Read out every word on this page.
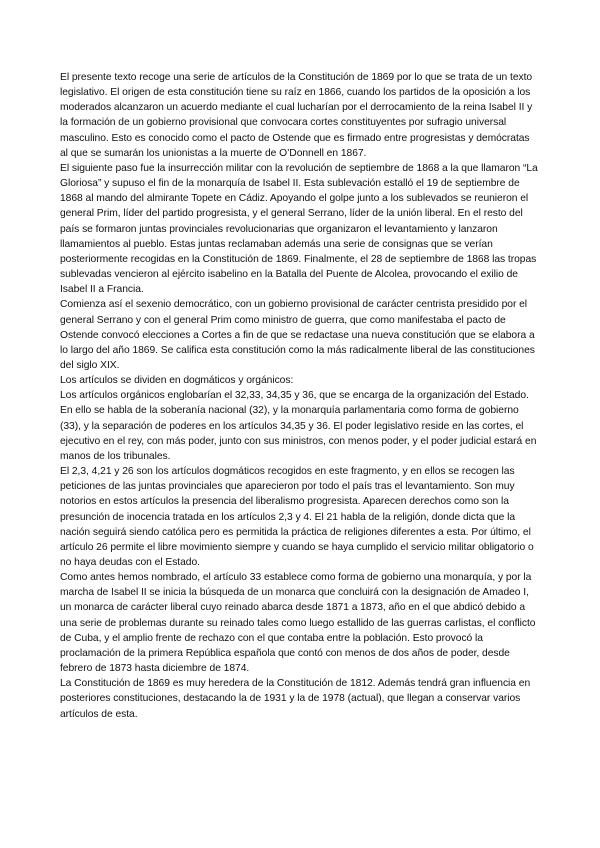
El presente texto recoge una serie de artículos de la Constitución de 1869 por lo que se trata de un texto legislativo. El origen de esta constitución tiene su raíz en 1866, cuando los partidos de la oposición a los moderados alcanzaron un acuerdo mediante el cual lucharían por el derrocamiento de la reina Isabel II y la formación de un gobierno provisional que convocara cortes constituyentes por sufragio universal masculino. Esto es conocido como el pacto de Ostende que es firmado entre progresistas y demócratas al que se sumarán los unionistas a la muerte de O’Donnell en 1867.

El siguiente paso fue la insurrección militar con la revolución de septiembre de 1868 a la que llamaron “La Gloriosa” y supuso el fin de la monarquía de Isabel II. Esta sublevación estalló el 19 de septiembre de 1868 al mando del almirante Topete en Cádiz. Apoyando el golpe junto a los sublevados se reunieron el general Prim, líder del partido progresista, y el general Serrano, líder de la unión liberal. En el resto del país se formaron juntas provinciales revolucionarias que organizaron el levantamiento y lanzaron llamamientos al pueblo. Estas juntas reclamaban además una serie de consignas que se verían posteriormente recogidas en la Constitución de 1869. Finalmente, el 28 de septiembre de 1868 las tropas sublevadas vencieron al ejército isabelino en la Batalla del Puente de Alcolea, provocando el exilio de Isabel II a Francia.

Comienza así el sexenio democrático, con un gobierno provisional de carácter centrista presidido por el general Serrano y con el general Prim como ministro de guerra, que como manifestaba el pacto de Ostende convocó elecciones a Cortes a fin de que se redactase una nueva constitución que se elabora a lo largo del año 1869. Se califica esta constitución como la más radicalmente liberal de las constituciones del siglo XIX.

Los artículos se dividen en dogmáticos y orgánicos:

Los artículos orgánicos englobarían el 32,33, 34,35 y 36, que se encarga de la organización del Estado. En ello se habla de la soberanía nacional (32), y la monarquía parlamentaria como forma de gobierno (33), y la separación de poderes en los artículos 34,35 y 36. El poder legislativo reside en las cortes, el ejecutivo en el rey, con más poder, junto con sus ministros, con menos poder, y el poder judicial estará en manos de los tribunales.

El 2,3, 4,21 y 26 son los artículos dogmáticos recogidos en este fragmento, y en ellos se recogen las peticiones de las juntas provinciales que aparecieron por todo el país tras el levantamiento. Son muy notorios en estos artículos la presencia del liberalismo progresista. Aparecen derechos como son la presunción de inocencia tratada en los artículos 2,3 y 4. El 21 habla de la religión, donde dicta que la nación seguirá siendo católica pero es permitida la práctica de religiones diferentes a esta. Por último, el artículo 26 permite el libre movimiento siempre y cuando se haya cumplido el servicio militar obligatorio o no haya deudas con el Estado.

Como antes hemos nombrado, el artículo 33 establece como forma de gobierno una monarquía, y por la marcha de Isabel II se inicia la búsqueda de un monarca que concluirá con la designación de Amadeo I, un monarca de carácter liberal cuyo reinado abarca desde 1871 a 1873, año en el que abdicó debido a una serie de problemas durante su reinado tales como luego estallido de las guerras carlistas, el conflicto de Cuba, y el amplio frente de rechazo con el que contaba entre la población. Esto provocó la proclamación de la primera República española que contó con menos de dos años de poder, desde febrero de 1873 hasta diciembre de 1874.

La Constitución de 1869 es muy heredera de la Constitución de 1812. Además tendrá gran influencia en posteriores constituciones, destacando la de 1931 y la de 1978 (actual), que llegan a conservar varios artículos de esta.
